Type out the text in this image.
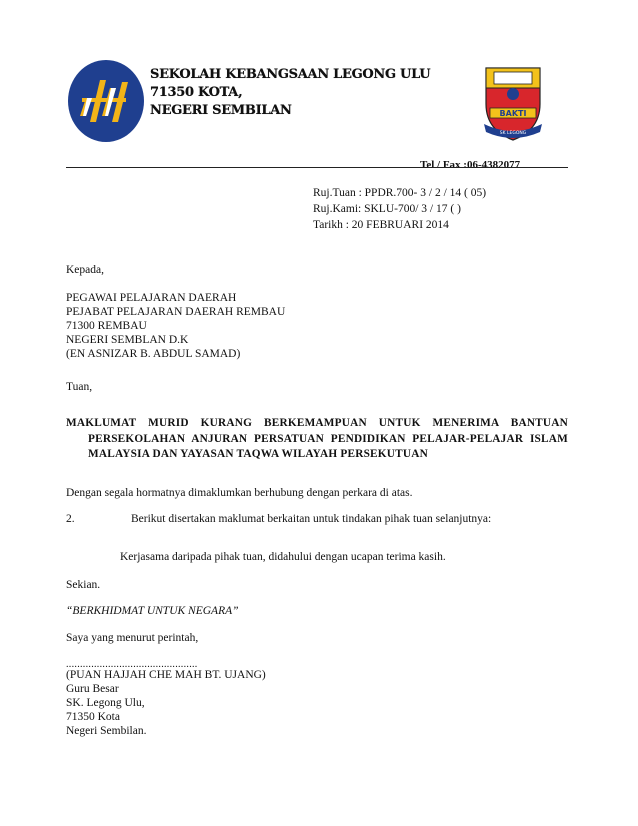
SEKOLAH KEBANGSAAN LEGONG ULU
71350 KOTA,
NEGERI SEMBILAN	BAKTI
SK LEGONG
Tel / Fax :06-4382077
Ruj.Tuan : PPDR.700- 3 / 2 / 14 ( 05)
Ruj.Kami: SKLU-700/ 3 / 17 ( )
Tarikh : 20 FEBRUARI 2014
Kepada,
PEGAWAI PELAJARAN DAERAH
PEJABAT PELAJARAN DAERAH REMBAU
71300 REMBAU
NEGERI SEMBLAN D.K
(EN ASNIZAR B. ABDUL SAMAD)
Tuan,
MAKLUMAT MURID KURANG BERKEMAMPUAN UNTUK MENERIMA BANTUAN
PERSEKOLAHAN ANJURAN PERSATUAN PENDIDIKAN PELAJAR-PELAJAR ISLAM
MALAYSIA DAN YAYASAN TAQWA WILAYAH PERSEKUTUAN
Dengan segala hormatnya dimaklumkan berhubung dengan perkara di atas.
2.	Berikut disertakan maklumat berkaitan untuk tindakan pihak tuan selanjutnya:
Kerjasama daripada pihak tuan, didahului dengan ucapan terima kasih.
Sekian.
“BERKHIDMAT UNTUK NEGARA”
Saya yang menurut perintah,
...............................................
(PUAN HAJJAH CHE MAH BT. UJANG)
Guru Besar
SK. Legong Ulu,
71350 Kota
Negeri Sembilan.
